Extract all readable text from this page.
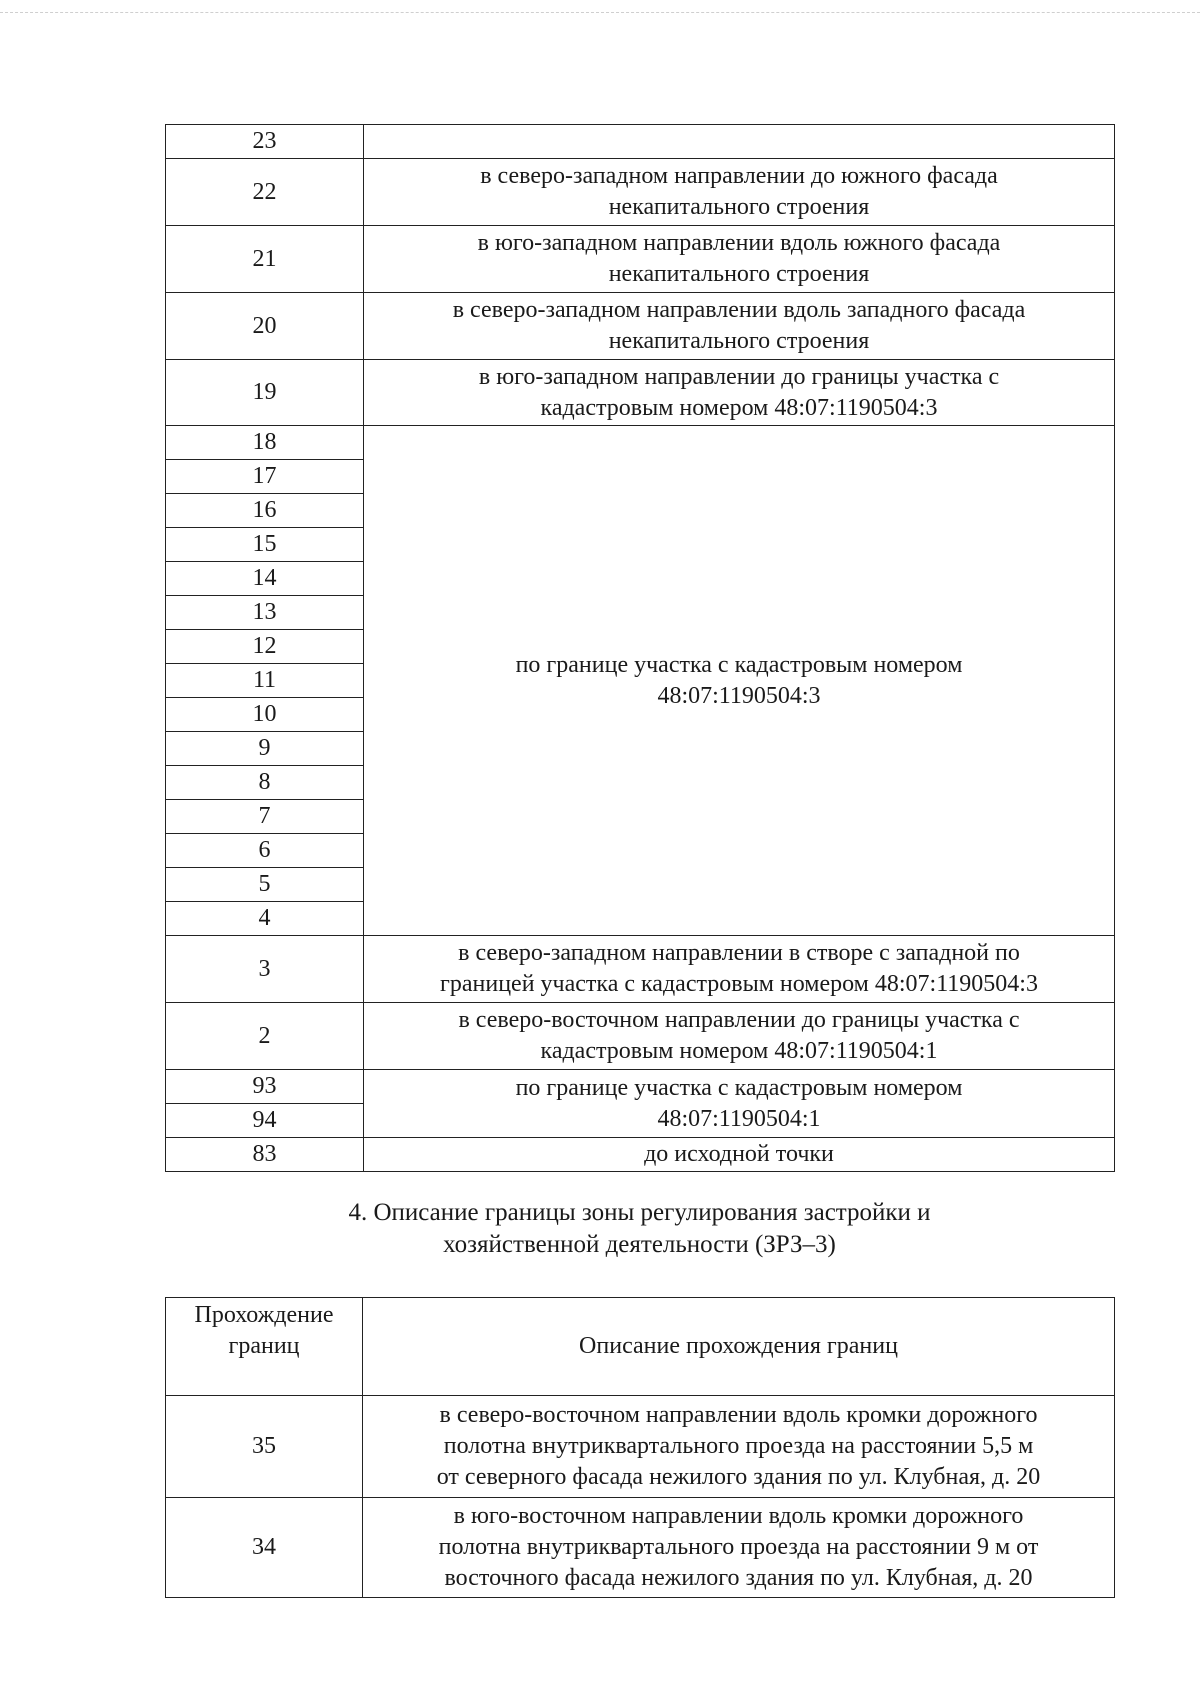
23	
22	в северо-западном направлении до южного фасада
некапитального строения
21	в юго-западном направлении вдоль южного фасада
некапитального строения
20	в северо-западном направлении вдоль западного фасада
некапитального строения
19	в юго-западном направлении до границы участка с
кадастровым номером 48:07:1190504:3
18	по границе участка с кадастровым номером
48:07:1190504:3
17	
16	
15	
14	
13	
12	
11	
10	
9	
8	
7	
6	
5	
4	
3	в северо-западном направлении в створе с западной по
границей участка с кадастровым номером 48:07:1190504:3
2	в северо-восточном направлении до границы участка с
кадастровым номером 48:07:1190504:1
93	по границе участка с кадастровым номером
48:07:1190504:1
94	
83	до исходной точки
4. Описание границы зоны регулирования застройки и
хозяйственной деятельности (ЗРЗ–3)
Прохождение
границ	Описание прохождения границ
35	в северо-восточном направлении вдоль кромки дорожного
полотна внутриквартального проезда на расстоянии 5,5 м
от северного фасада нежилого здания по ул. Клубная, д. 20
34	в юго-восточном направлении вдоль кромки дорожного
полотна внутриквартального проезда на расстоянии 9 м от
восточного фасада нежилого здания по ул. Клубная, д. 20
